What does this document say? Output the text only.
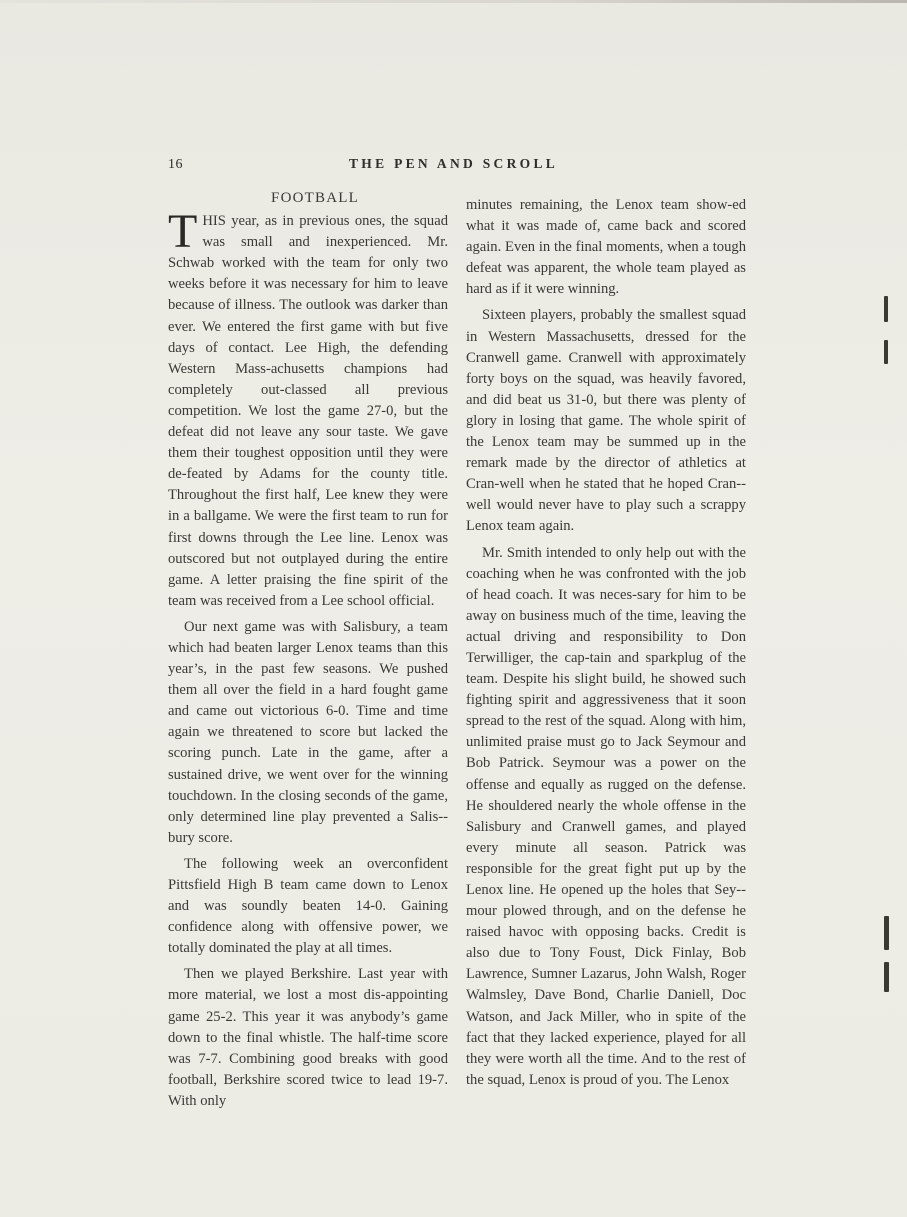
16	THE PEN AND SCROLL
FOOTBALL

THIS year, as in previous ones, the squad was small and inexperienced. Mr. Schwab worked with the team for only two weeks before it was necessary for him to leave because of illness. The outlook was darker than ever. We entered the first game with but five days of contact. Lee High, the defending Western Mass-achusetts champions had completely out-classed all previous competition. We lost the game 27-0, but the defeat did not leave any sour taste. We gave them their toughest opposition until they were de-feated by Adams for the county title. Throughout the first half, Lee knew they were in a ballgame. We were the first team to run for first downs through the Lee line. Lenox was outscored but not outplayed during the entire game. A letter praising the fine spirit of the team was received from a Lee school official.

Our next game was with Salisbury, a team which had beaten larger Lenox teams than this year’s, in the past few seasons. We pushed them all over the field in a hard fought game and came out victorious 6-0. Time and time again we threatened to score but lacked the scoring punch. Late in the game, after a sustained drive, we went over for the winning touchdown. In the closing seconds of the game, only determined line play prevented a Salis-bury score.

The following week an overconfident Pittsfield High B team came down to Lenox and was soundly beaten 14-0. Gaining confidence along with offensive power, we totally dominated the play at all times.

Then we played Berkshire. Last year with more material, we lost a most dis-appointing game 25-2. This year it was anybody’s game down to the final whistle. The half-time score was 7-7. Combining good breaks with good football, Berkshire scored twice to lead 19-7. With only

minutes remaining, the Lenox team show-ed what it was made of, came back and scored again. Even in the final moments, when a tough defeat was apparent, the whole team played as hard as if it were winning.

Sixteen players, probably the smallest squad in Western Massachusetts, dressed for the Cranwell game. Cranwell with approximately forty boys on the squad, was heavily favored, and did beat us 31-0, but there was plenty of glory in losing that game. The whole spirit of the Lenox team may be summed up in the remark made by the director of athletics at Cran-well when he stated that he hoped Cran-well would never have to play such a scrappy Lenox team again.

Mr. Smith intended to only help out with the coaching when he was confronted with the job of head coach. It was neces-sary for him to be away on business much of the time, leaving the actual driving and responsibility to Don Terwilliger, the cap-tain and sparkplug of the team. Despite his slight build, he showed such fighting spirit and aggressiveness that it soon spread to the rest of the squad. Along with him, unlimited praise must go to Jack Seymour and Bob Patrick. Seymour was a power on the offense and equally as rugged on the defense. He shouldered nearly the whole offense in the Salisbury and Cranwell games, and played every minute all season. Patrick was responsible for the great fight put up by the Lenox line. He opened up the holes that Sey-mour plowed through, and on the defense he raised havoc with opposing backs. Credit is also due to Tony Foust, Dick Finlay, Bob Lawrence, Sumner Lazarus, John Walsh, Roger Walmsley, Dave Bond, Charlie Daniell, Doc Watson, and Jack Miller, who in spite of the fact that they lacked experience, played for all they were worth all the time. And to the rest of the squad, Lenox is proud of you. The Lenox
